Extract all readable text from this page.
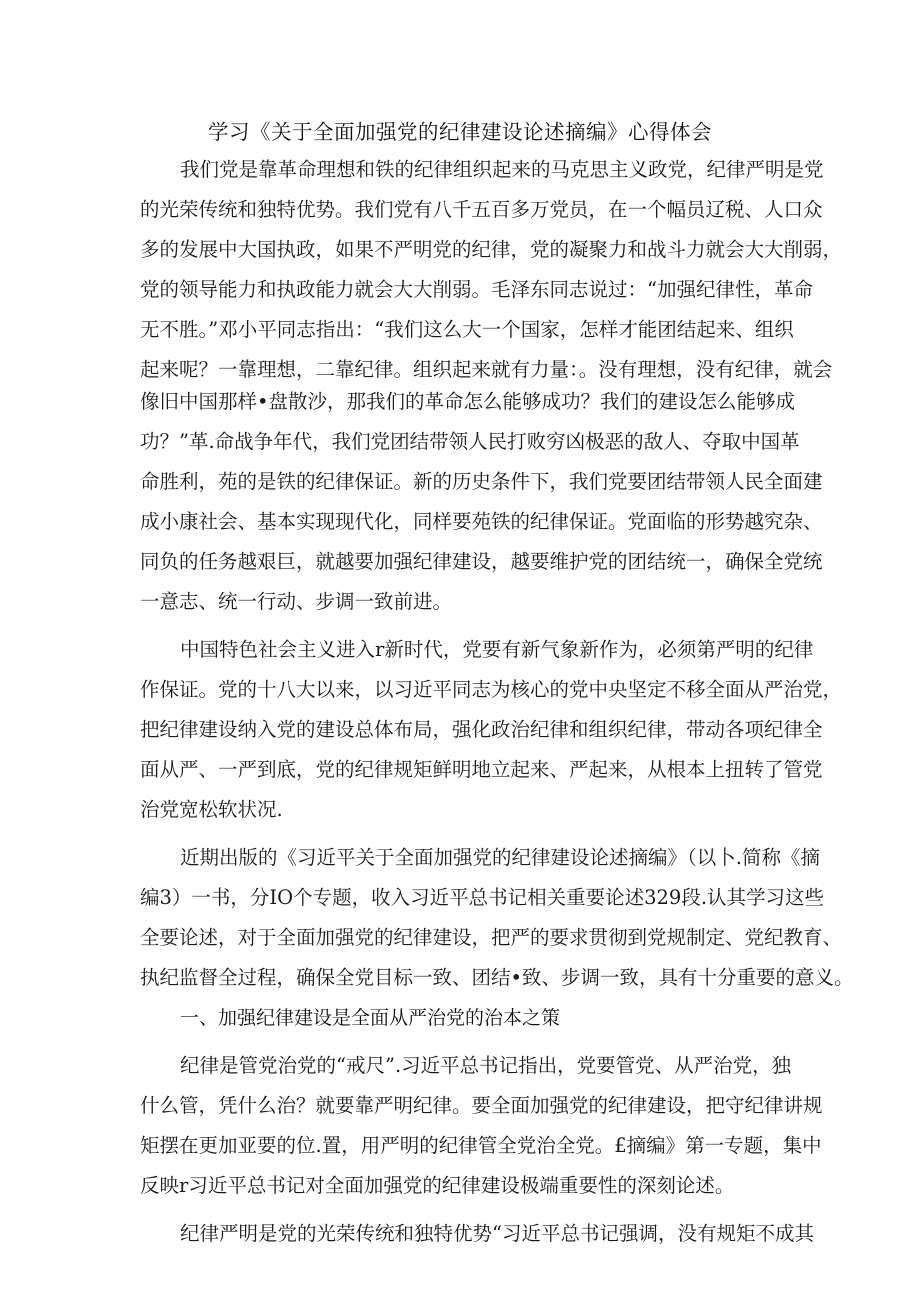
学习《关于全面加强党的纪律建设论述摘编》心得体会
我们党是靠革命理想和铁的纪律组织起来的马克思主义政党，纪律严明是党
的光荣传统和独特优势。我们党有八千五百多万党员，在一个幅员辽税、人口众
多的发展中大国执政，如果不严明党的纪律，党的凝聚力和战斗力就会大大削弱，
党的领导能力和执政能力就会大大削弱。毛泽东同志说过：“加强纪律性，革命
无不胜。”邓小平同志指出：“我们这么大一个国家，怎样才能团结起来、组织
起来呢？一靠理想，二靠纪律。组织起来就有力量：。没有理想，没有纪律，就会
像旧中国那样•盘散沙，那我们的革命怎么能够成功？我们的建设怎么能够成
功？”革.命战争年代，我们党团结带领人民打败穷凶极恶的敌人、夺取中国革
命胜利，苑的是铁的纪律保证。新的历史条件下，我们党要团结带领人民全面建
成小康社会、基本实现现代化，同样要苑铁的纪律保证。党面临的形势越究杂、
同负的任务越艰巨，就越要加强纪律建设，越要维护党的团结统一，确保全党统
一意志、统一行动、步调一致前进。
中国特色社会主义进入r新时代，党要有新气象新作为，必须第严明的纪律
作保证。党的十八大以来，以习近平同志为核心的党中央坚定不移全面从严治党，
把纪律建设纳入党的建设总体布局，强化政治纪律和组织纪律，带动各项纪律全
面从严、一严到底，党的纪律规矩鲜明地立起来、严起来，从根本上扭转了管党
治党宽松软状况.
近期出版的《习近平关于全面加强党的纪律建设论述摘编》（以卜.简称《摘
编3）一书，分IO个专题，收入习近平总书记相关重要论述329段.认其学习这些
全要论述，对于全面加强党的纪律建设，把严的要求贯彻到党规制定、党纪教育、
执纪监督全过程，确保全党目标一致、团结•致、步调一致，具有十分重要的意义。
一、加强纪律建设是全面从严治党的治本之策
纪律是管党治党的“戒尺”.习近平总书记指出，党要管党、从严治党，独
什么管，凭什么治？就要靠严明纪律。要全面加强党的纪律建设，把守纪律讲规
矩摆在更加亚要的位.置，用严明的纪律管全党治全党。£摘编》第一专题，集中
反映r习近平总书记对全面加强党的纪律建设极端重要性的深刻论述。
纪律严明是党的光荣传统和独特优势“习近平总书记强调，没有规矩不成其
